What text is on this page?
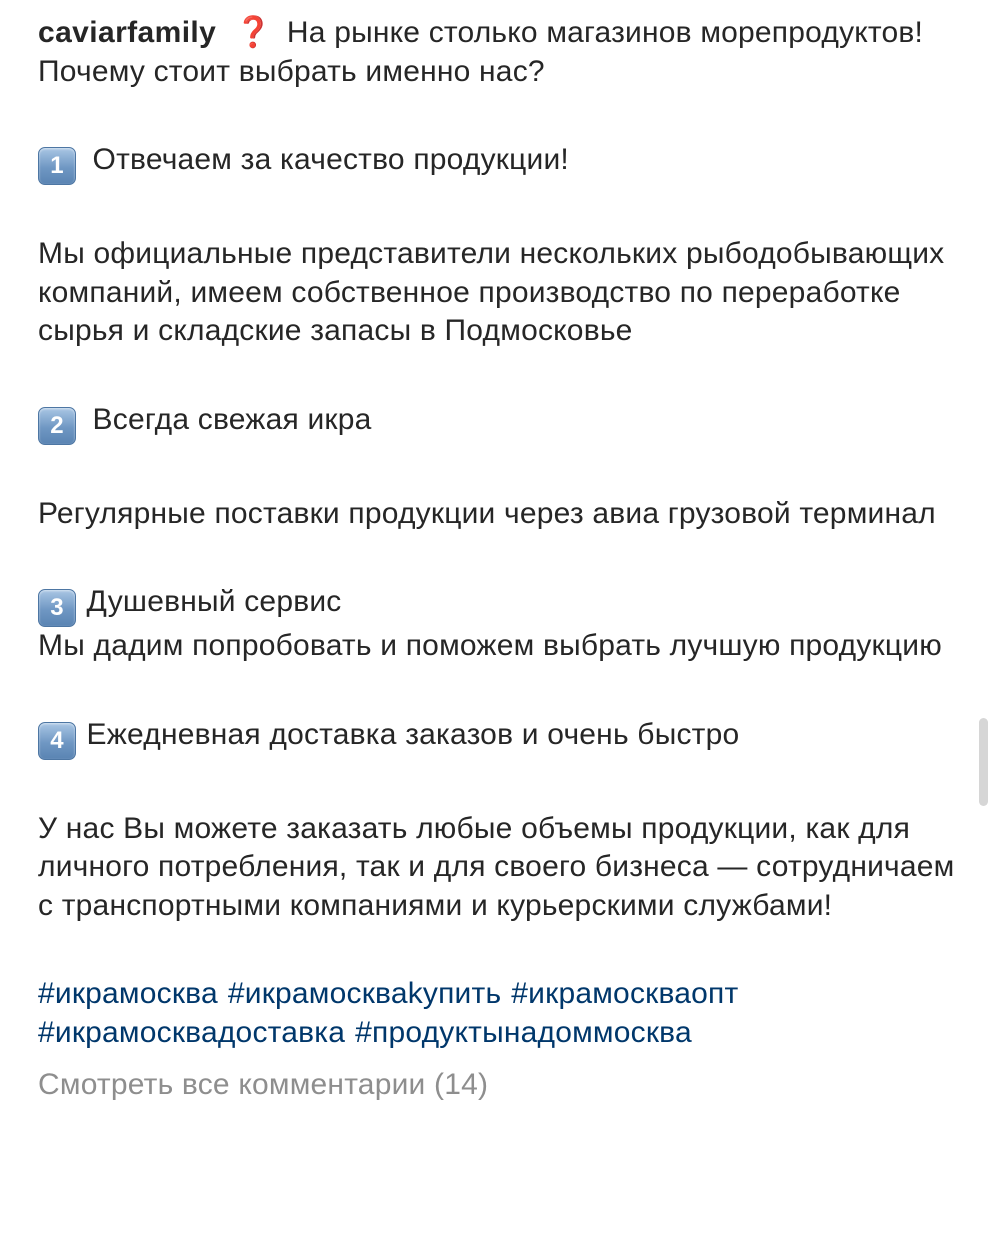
caviarfamily ❓ На рынке столько магазинов морепродуктов! Почему стоит выбрать именно нас?

1 Отвечаем за качество продукции!

Мы официальные представители нескольких рыбодобывающих компаний, имеем собственное производство по переработке сырья и складские запасы в Подмосковье

2 Всегда свежая икра

Регулярные поставки продукции через авиа грузовой терминал

3 Душевный сервис

Мы дадим попробовать и поможем выбрать лучшую продукцию

4 Ежедневная доставка заказов и очень быстро

У нас Вы можете заказать любые объемы продукции, как для личного потребления, так и для своего бизнеса — сотрудничаем с транспортными компаниями и курьерскими службами!

#икрамосква #икрамоскваkупить #икрамоскваопт #икрамосквадоставка #продуктынадоммосква

Смотреть все комментарии (14)
